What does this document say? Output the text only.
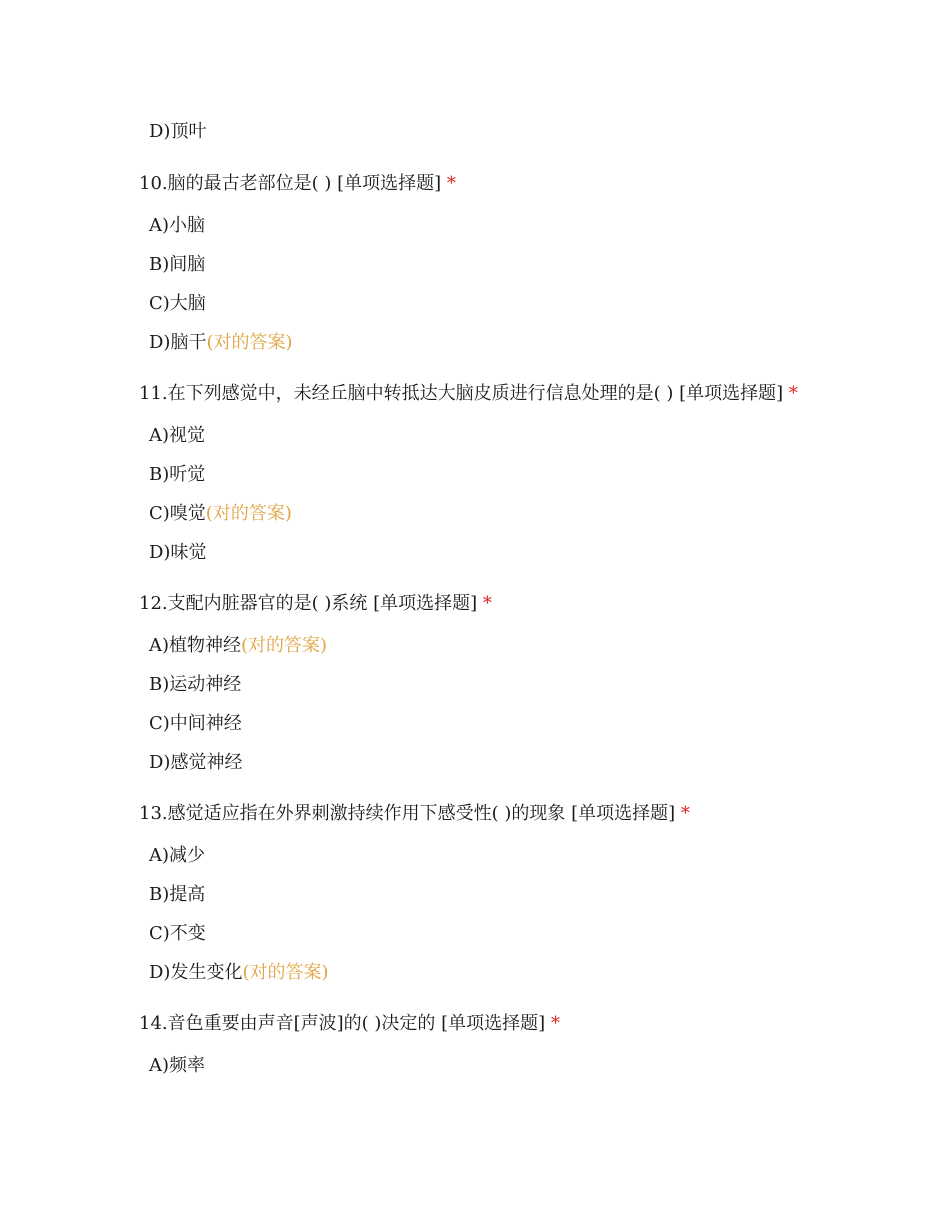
D)顶叶
10.脑的最古老部位是( ) [单项选择题] *
A)小脑
B)间脑
C)大脑
D)脑干(对的答案)
11.在下列感觉中，未经丘脑中转抵达大脑皮质进行信息处理的是( ) [单项选择题] *
A)视觉
B)听觉
C)嗅觉(对的答案)
D)味觉
12.支配内脏器官的是( )系统 [单项选择题] *
A)植物神经(对的答案)
B)运动神经
C)中间神经
D)感觉神经
13.感觉适应指在外界刺激持续作用下感受性( )的现象 [单项选择题] *
A)减少
B)提高
C)不变
D)发生变化(对的答案)
14.音色重要由声音[声波]的( )决定的 [单项选择题] *
A)频率
